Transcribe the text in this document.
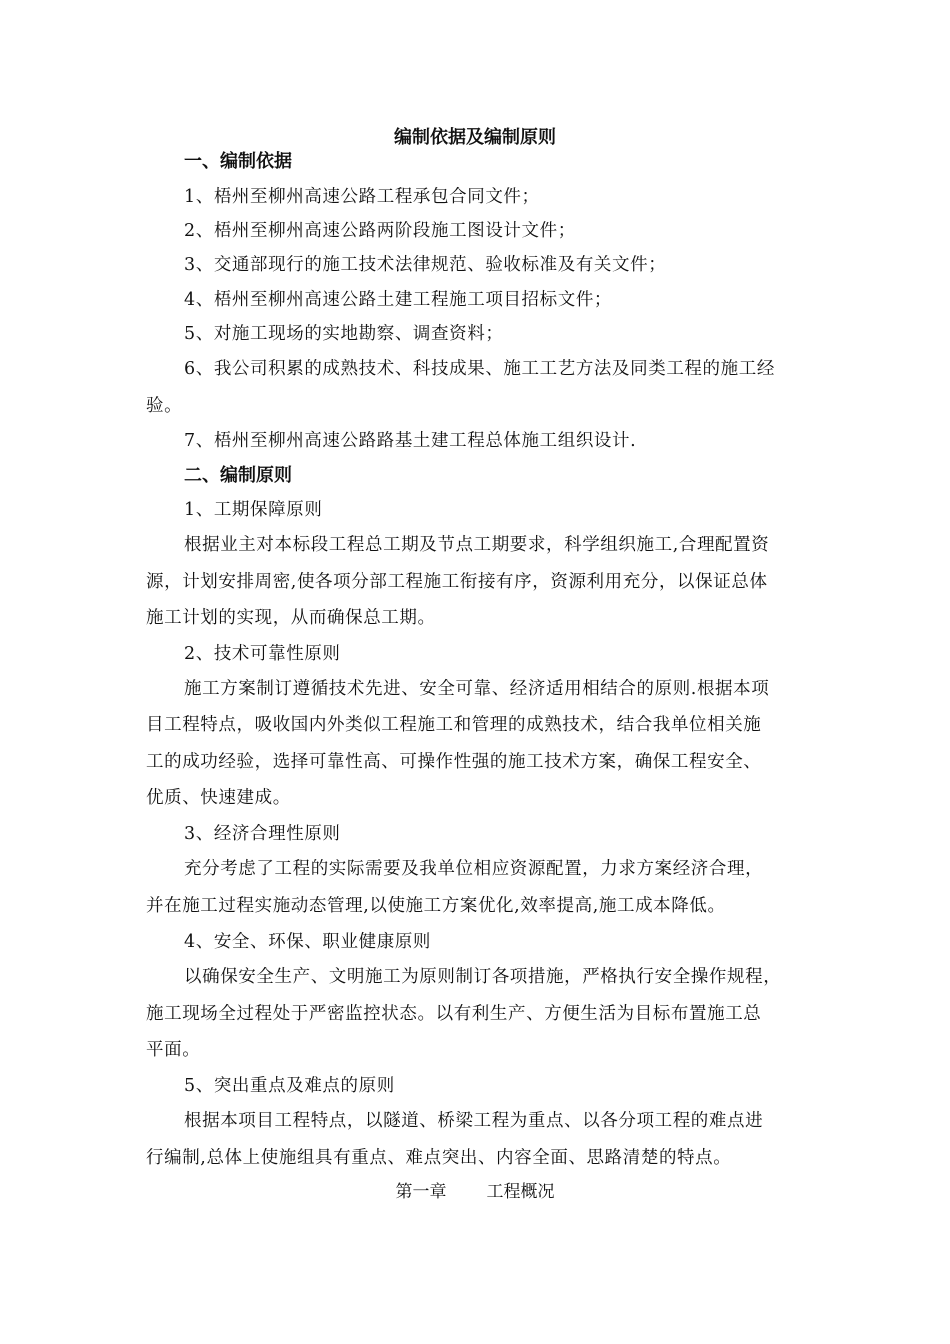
编制依据及编制原则
一、编制依据
1、梧州至柳州高速公路工程承包合同文件；
2、梧州至柳州高速公路两阶段施工图设计文件；
3、交通部现行的施工技术法律规范、验收标准及有关文件；
4、梧州至柳州高速公路土建工程施工项目招标文件；
5、对施工现场的实地勘察、调查资料；
6、我公司积累的成熟技术、科技成果、施工工艺方法及同类工程的施工经
验。
7、梧州至柳州高速公路路基土建工程总体施工组织设计.
二、编制原则
1、工期保障原则
根据业主对本标段工程总工期及节点工期要求，科学组织施工,合理配置资
源，计划安排周密,使各项分部工程施工衔接有序，资源利用充分，以保证总体
施工计划的实现，从而确保总工期。
2、技术可靠性原则
施工方案制订遵循技术先进、安全可靠、经济适用相结合的原则.根据本项
目工程特点，吸收国内外类似工程施工和管理的成熟技术，结合我单位相关施
工的成功经验，选择可靠性高、可操作性强的施工技术方案，确保工程安全、
优质、快速建成。
3、经济合理性原则
充分考虑了工程的实际需要及我单位相应资源配置，力求方案经济合理，
并在施工过程实施动态管理,以使施工方案优化,效率提高,施工成本降低。
4、安全、环保、职业健康原则
以确保安全生产、文明施工为原则制订各项措施，严格执行安全操作规程，
施工现场全过程处于严密监控状态。以有利生产、方便生活为目标布置施工总
平面。
5、突出重点及难点的原则
根据本项目工程特点，以隧道、桥梁工程为重点、以各分项工程的难点进
行编制,总体上使施组具有重点、难点突出、内容全面、思路清楚的特点。
第一章 工程概况
